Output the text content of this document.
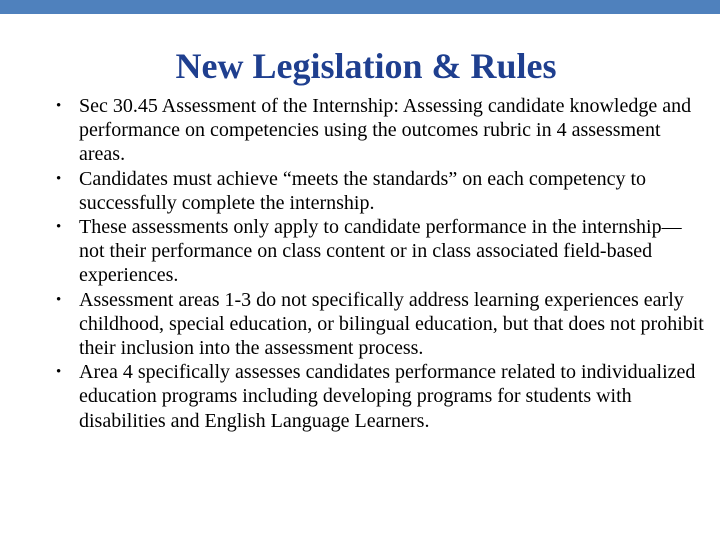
New Legislation & Rules
• Sec 30.45 Assessment of the Internship: Assessing candidate knowledge and performance on competencies using the outcomes rubric in 4 assessment areas.
• Candidates must achieve “meets the standards” on each competency to successfully complete the internship.
• These assessments only apply to candidate performance in the internship—not their performance on class content or in class associated field-based experiences.
• Assessment areas 1-3 do not specifically address learning experiences early childhood, special education, or bilingual education, but that does not prohibit their inclusion into the assessment process.
• Area 4 specifically assesses candidates performance related to individualized education programs including developing programs for students with disabilities and English Language Learners.
